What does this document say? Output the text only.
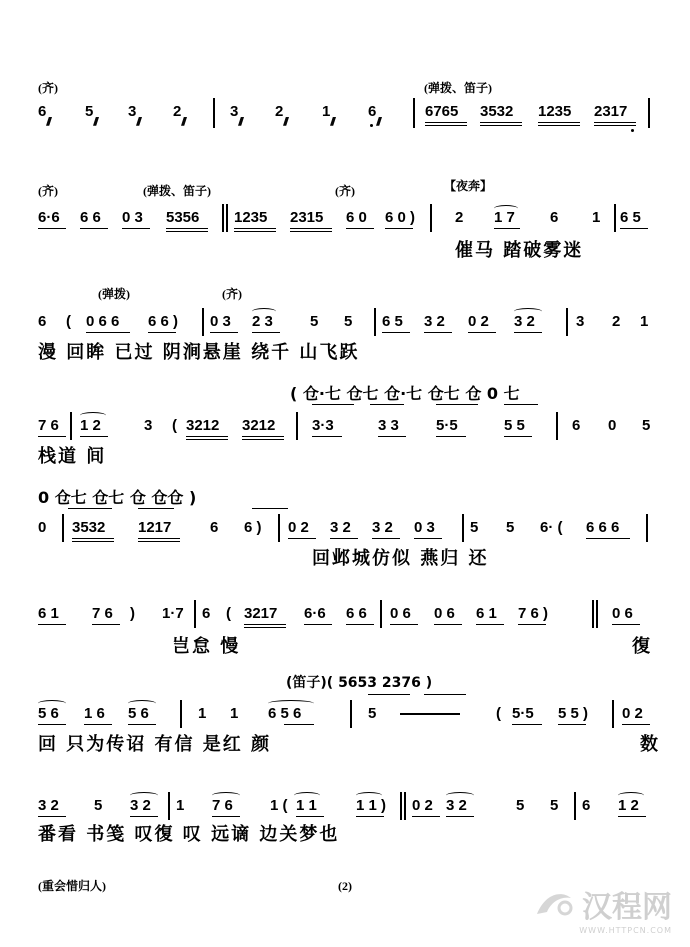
(齐)	(弹拨、笛子)
6
///
5
///
3
///
2
///
3
///
2
///
1
///
6
///
6765 3532 1235 2317
(齐)	(弹拨、笛子)	(齐)	【夜奔】
6·6 6 6 0 3 5356 1235 2315 6 0 6 0 )	2 1 7 6 1 6 5
催马 踏破雾迷
(弹拨)	(齐)
6 ( 0 6 6 6 6 ) 0 3 2 3 5 5 6 5 3 2 0 2 3 2	3 2 1
漫 回眸 已过 阴涧悬崖 绕千 山飞跃
( 仓·七 仓七 仓·七 仓七 仓 0 七
7 6 1 2	3 ( 3212 3212 3·3	3 3 5·5	5 5	6 0 5
栈道 间
0 仓七 仓七 仓 仓仓 )
0 3532 1217	6 6 ) 0 2 3 2 3 2 0 3 5 5 6· ( 6 6 6
回邺城仿似 燕归 还
6 1 7 6 ) 1·7 6 ( 3217 6·6 6 6 0 6 0 6 6 1 7 6 )	0 6
岂怠 慢	復
(笛子)( 5653 2376 )
5 6 1 6 5 6	1 1 6 5 6	5	( 5·5 5 5 ) 0 2
回 只为传诏 有信 是红 颜	数
3 2 5 3 2 1 7 6 1 ( 1 1	1 1 ) 0 2 3 2	5 5 6 1 2
番看 书笺 叹復 叹 远谪 边关梦也
(重会惜归人)	(2)
汉程网
WWW.HTTPCN.COM
